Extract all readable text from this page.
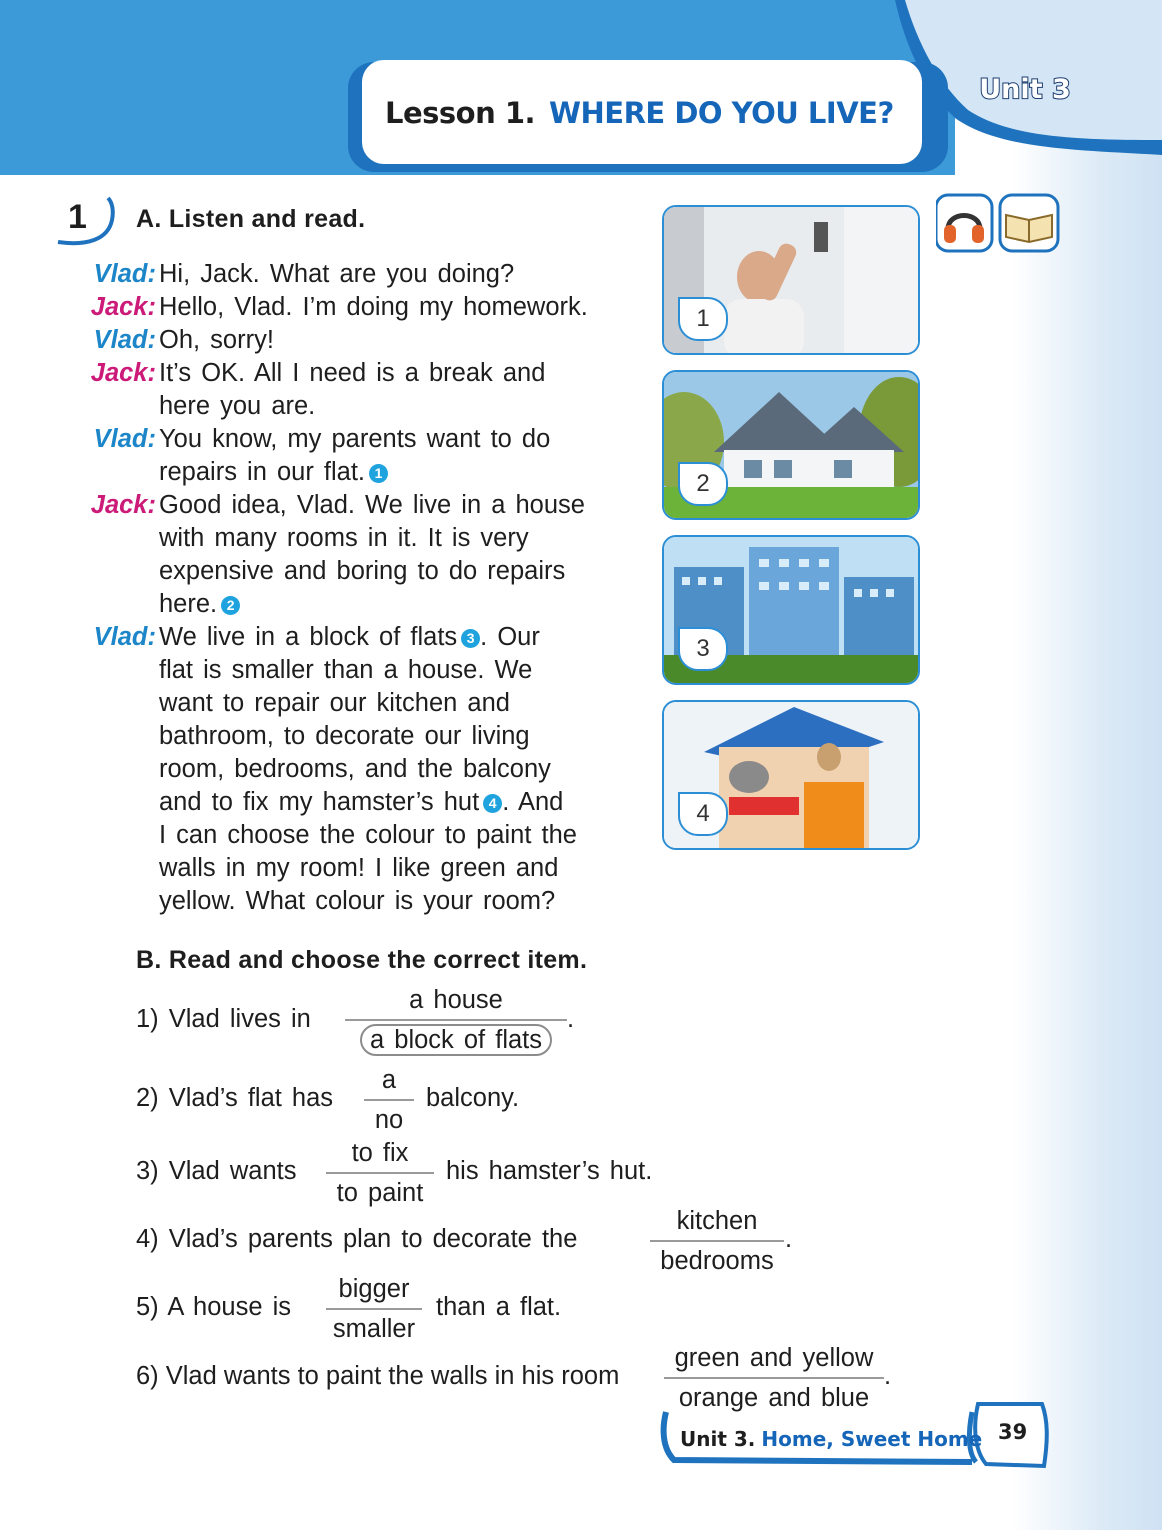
Lesson 1. WHERE DO YOU LIVE?
Unit 3
1 A. Listen and read.
Vlad: Hi, Jack. What are you doing?
Jack: Hello, Vlad. I’m doing my homework.
Vlad: Oh, sorry!
Jack: It’s OK. All I need is a break and
here you are.
Vlad: You know, my parents want to do
repairs in our flat. 1
Jack: Good idea, Vlad. We live in a house
with many rooms in it. It is very
expensive and boring to do repairs
here. 2
Vlad: We live in a block of flats 3 . Our
flat is smaller than a house. We
want to repair our kitchen and
bathroom, to decorate our living
room, bedrooms, and the balcony
and to fix my hamster’s hut 4 . And
I can choose the colour to paint the
walls in my room! I like green and
yellow. What colour is your room?
1
2
3
4
B. Read and choose the correct item.
1) Vlad lives in
a house
a block of flats
.
2) Vlad’s flat has
a
no
balcony.
3) Vlad wants
to fix
to paint
his hamster’s hut.
4) Vlad’s parents plan to decorate the
kitchen
bedrooms
.
5) A house is
bigger
smaller
than a flat.
6) Vlad wants to paint the walls in his room
green and yellow
orange and blue
.
Unit 3. Home, Sweet Home 39
